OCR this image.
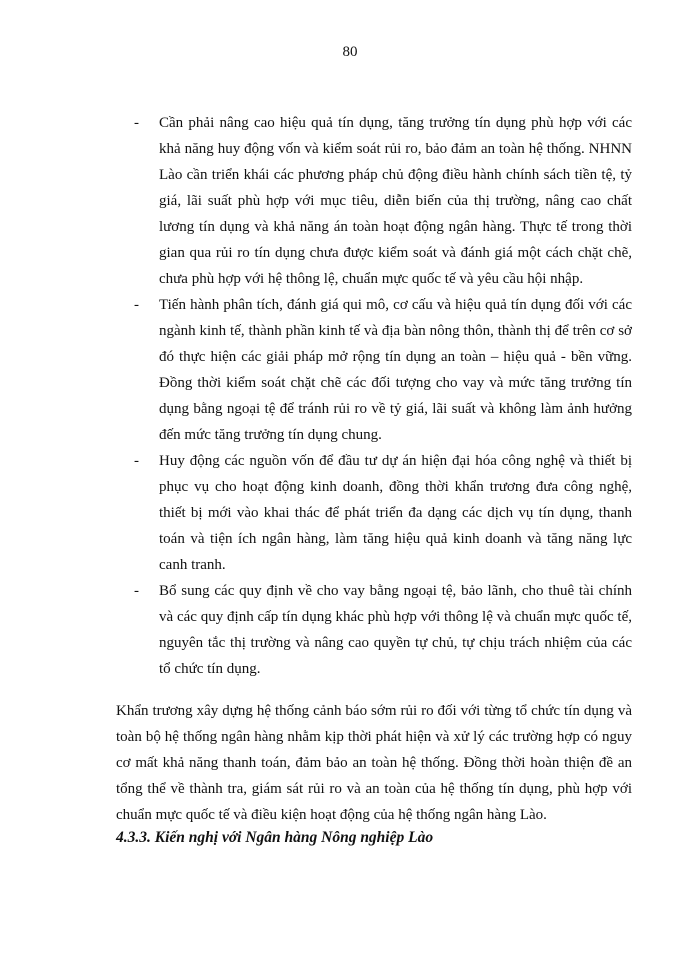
80
- Cần phải nâng cao hiệu quả tín dụng, tăng trưởng tín dụng phù hợp với các khả năng huy động vốn và kiểm soát rủi ro, bảo đảm an toàn hệ thống. NHNN Lào cần triển khái các phương pháp chủ động điều hành chính sách tiền tệ, tỷ giá, lãi suất phù hợp với mục tiêu, diễn biến của thị trường, nâng cao chất lương tín dụng và khả năng án toàn hoạt động ngân hàng. Thực tế trong thời gian qua rủi ro tín dụng chưa được kiểm soát và đánh giá một cách chặt chẽ, chưa phù hợp với hệ thông lệ, chuẩn mực quốc tế và yêu cầu hội nhập.
- Tiến hành phân tích, đánh giá qui mô, cơ cấu và hiệu quả tín dụng đối với các ngành kinh tế, thành phần kinh tế và địa bàn nông thôn, thành thị để trên cơ sở đó thực hiện các giải pháp mở rộng tín dụng an toàn – hiệu quả - bền vững. Đồng thời kiểm soát chặt chẽ các đối tượng cho vay và mức tăng trưởng tín dụng bằng ngoại tệ để tránh rủi ro về tỷ giá, lãi suất và không làm ảnh hưởng đến mức tăng trưởng tín dụng chung.
- Huy động các nguồn vốn để đầu tư dự án hiện đại hóa công nghệ và thiết bị phục vụ cho hoạt động kinh doanh, đồng thời khẩn trương đưa công nghệ, thiết bị mới vào khai thác để phát triển đa dạng các dịch vụ tín dụng, thanh toán và tiện ích ngân hàng, làm tăng hiệu quả kinh doanh và tăng năng lực canh tranh.
- Bổ sung các quy định về cho vay bằng ngoại tệ, bảo lãnh, cho thuê tài chính và các quy định cấp tín dụng khác phù hợp với thông lệ và chuẩn mực quốc tế, nguyên tắc thị trường và nâng cao quyền tự chủ, tự chịu trách nhiệm của các tổ chức tín dụng.

Khẩn trương xây dựng hệ thống cảnh báo sớm rủi ro đối với từng tổ chức tín dụng và toàn bộ hệ thống ngân hàng nhằm kịp thời phát hiện và xử lý các trường hợp có nguy cơ mất khả năng thanh toán, đảm bảo an toàn hệ thống. Đồng thời hoàn thiện đề an tổng thể về thành tra, giám sát rủi ro và an toàn của hệ thống tín dụng, phù hợp với chuẩn mực quốc tế và điều kiện hoạt động của hệ thống ngân hàng Lào.

4.3.3. Kiến nghị với Ngân hàng Nông nghiệp Lào
